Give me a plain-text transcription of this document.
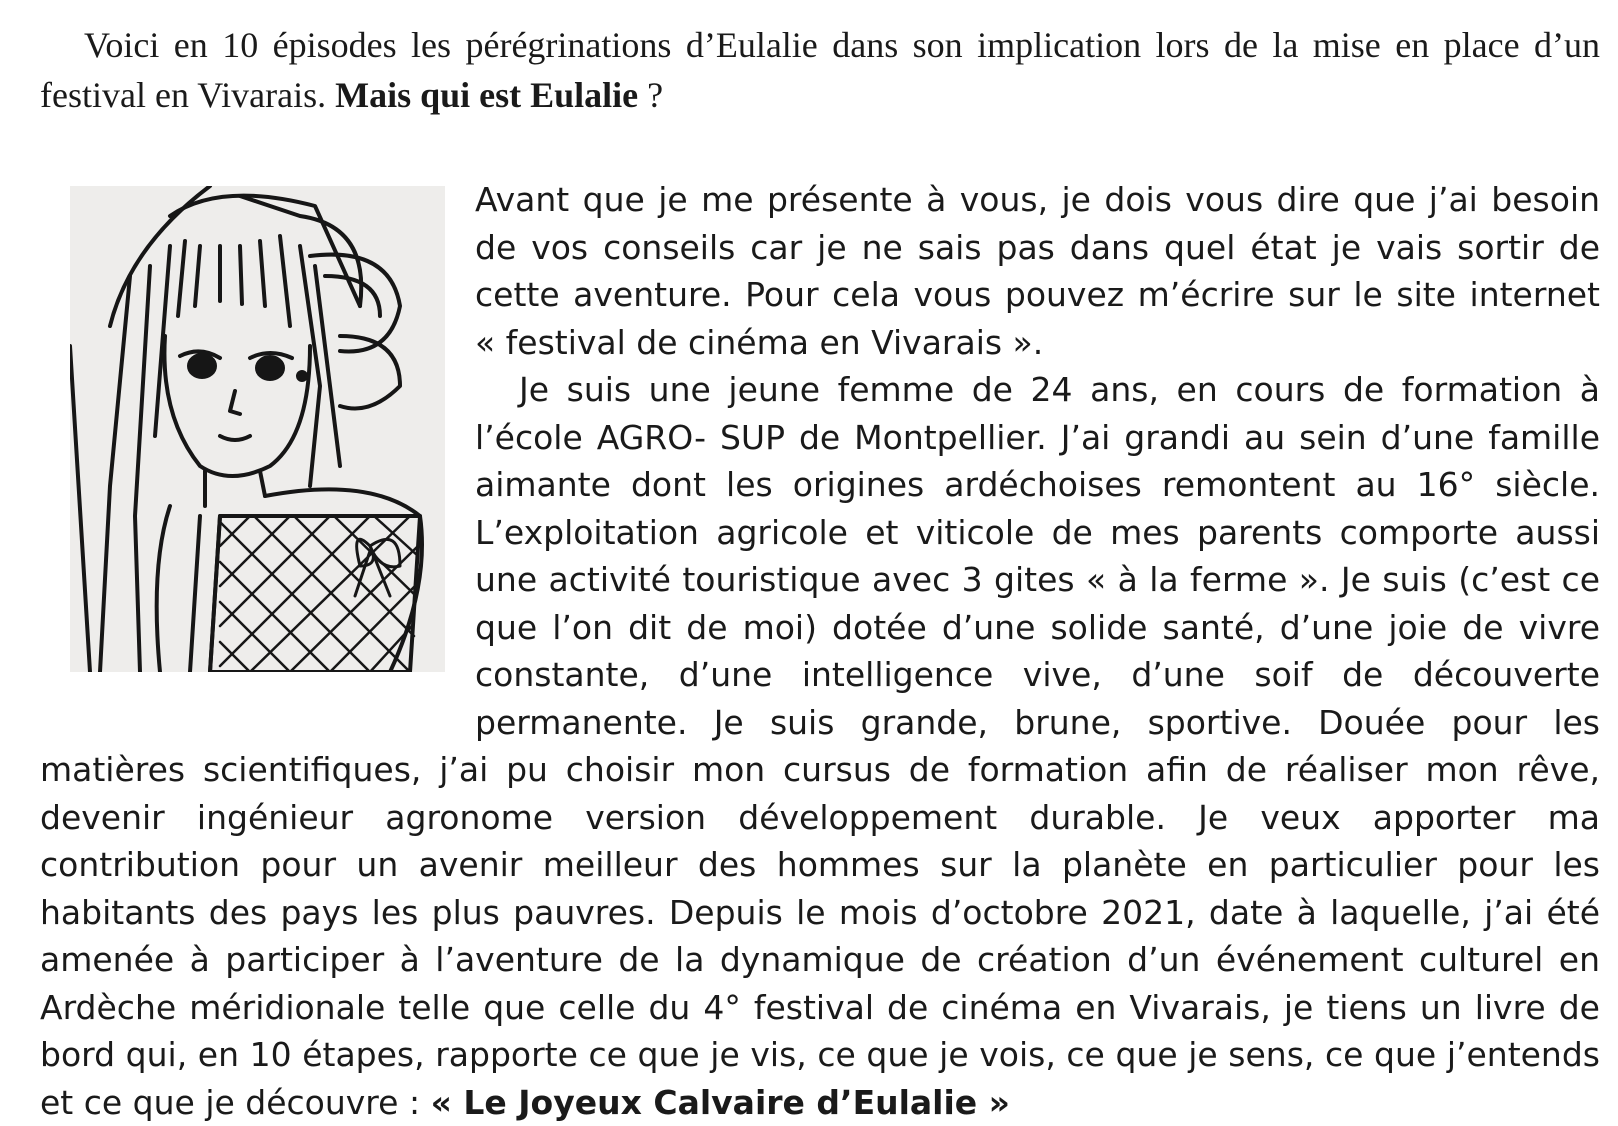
Voici en 10 épisodes les pérégrinations d’Eulalie dans son implication lors de la mise en place d’un festival en Vivarais. Mais qui est Eulalie ?

Avant que je me présente à vous, je dois vous dire que j’ai besoin de vos conseils car je ne sais pas dans quel état je vais sortir de cette aventure. Pour cela vous pouvez m’écrire sur le site internet « festival de cinéma en Vivarais ».

Je suis une jeune femme de 24 ans, en cours de formation à l’école AGRO- SUP de Montpellier. J’ai grandi au sein d’une famille aimante dont les origines ardéchoises remontent au 16° siècle. L’exploitation agricole et viticole de mes parents comporte aussi une activité touristique avec 3 gites « à la ferme ». Je suis (c’est ce que l’on dit de moi) dotée d’une solide santé, d’une joie de vivre constante, d’une intelligence vive, d’une soif de découverte permanente. Je suis grande, brune, sportive. Douée pour les matières scientifiques, j’ai pu choisir mon cursus de formation afin de réaliser mon rêve, devenir ingénieur agronome version développement durable. Je veux apporter ma contribution pour un avenir meilleur des hommes sur la planète en particulier pour les habitants des pays les plus pauvres. Depuis le mois d’octobre 2021, date à laquelle, j’ai été amenée à participer à l’aventure de la dynamique de création d’un événement culturel en Ardèche méridionale telle que celle du 4° festival de cinéma en Vivarais, je tiens un livre de bord qui, en 10 étapes, rapporte ce que je vis, ce que je vois, ce que je sens, ce que j’entends et ce que je découvre : « Le Joyeux Calvaire d’Eulalie »
